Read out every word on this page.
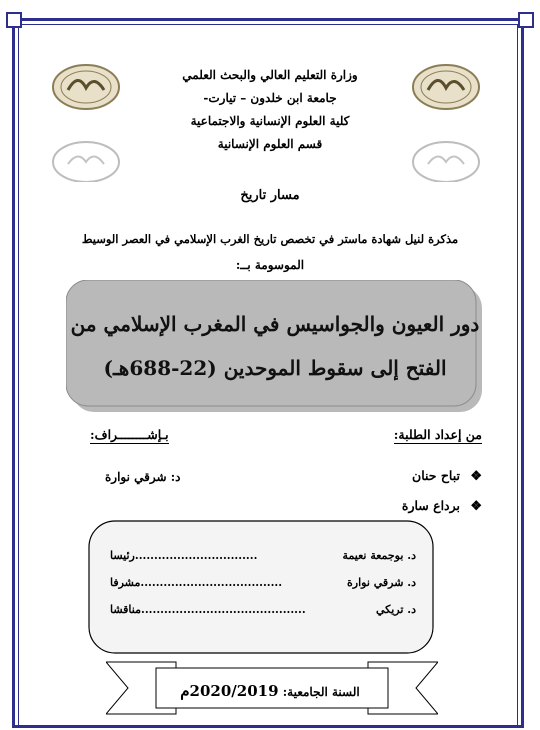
وزارة التعليم العالي والبحث العلمي
جامعة ابن خلدون – تيارت-
كلية العلوم الإنسانية والاجتماعية
قسم العلوم الإنسانية
مسار تاريخ
مذكرة لنيل شهادة ماستر في تخصص تاريخ الغرب الإسلامي في العصر الوسيط
الموسومة بــ:
دور العيون والجواسيس في المغرب الإسلامي من
الفتح إلى سقوط الموحدين (22-688هـ)
من إعداد الطلبة:
بـإشــــــــراف:
❖ تباح حنان
❖ برداع سارة
د: شرقي نوارة
د. بوجمعة نعيمة
................................رئيسا
د. شرقي نوارة
.....................................مشرفا
د. تريكي
...........................................مناقشا
السنة الجامعية: 2020/2019م
